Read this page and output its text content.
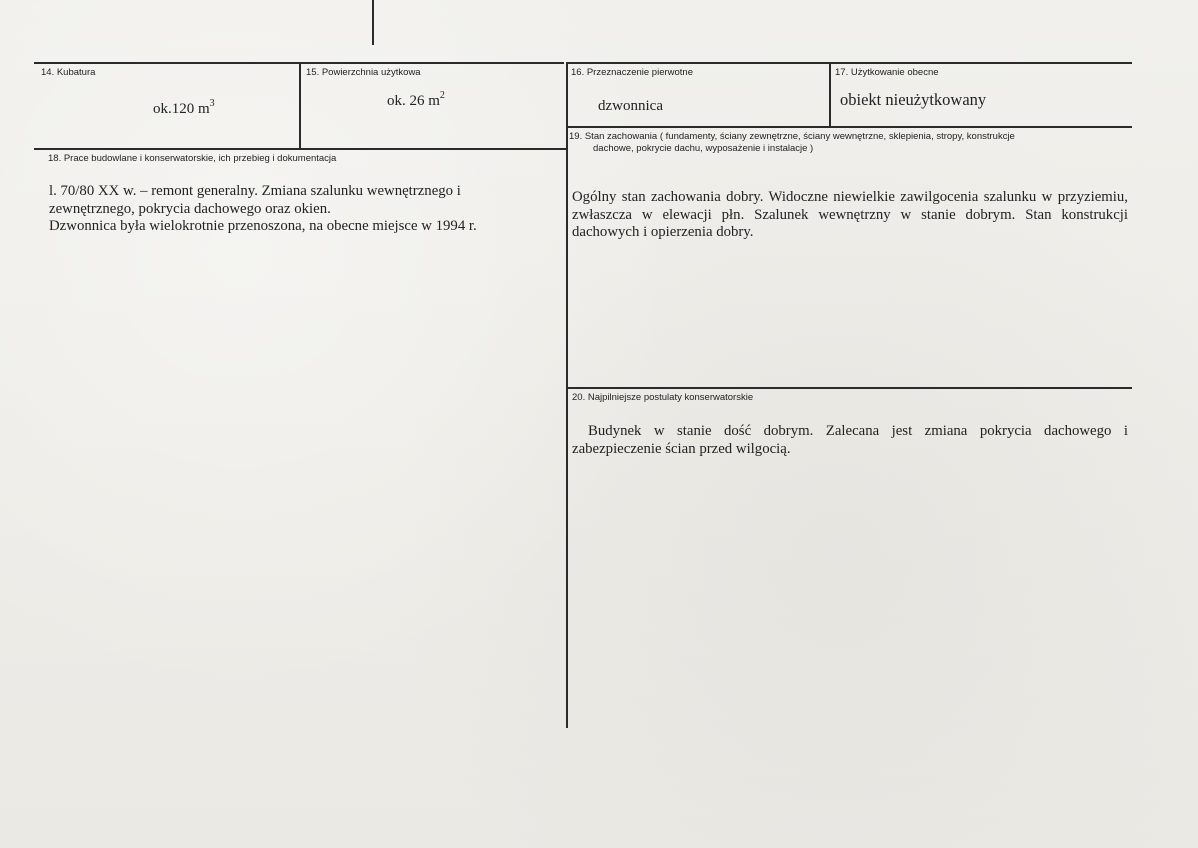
14. Kubatura
ok.120 $m^3$
15. Powierzchnia użytkowa
ok. 26 $m^2$
16. Przeznaczenie pierwotne
dzwonnica
17. Użytkowanie obecne
obiekt nieużytkowany
18. Prace budowlane i konserwatorskie, ich przebieg i dokumentacja

l. 70/80 XX w. – remont generalny. Zmiana szalunku wewnętrznego i zewnętrznego, pokrycia dachowego oraz okien.

Dzwonnica była wielokrotnie przenoszona, na obecne miejsce w 1994 r.

19. Stan zachowania ( fundamenty, ściany zewnętrzne, ściany wewnętrzne, sklepienia, stropy, konstrukcje
dachowe, pokrycie dachu, wyposażenie i instalacje )
Ogólny stan zachowania dobry. Widoczne niewielkie zawilgocenia szalunku w przyziemiu, zwłaszcza w elewacji płn. Szalunek wewnętrzny w stanie dobrym. Stan konstrukcji dachowych i opierzenia dobry.
20. Najpilniejsze postulaty konserwatorskie
Budynek w stanie dość dobrym. Zalecana jest zmiana pokrycia dachowego i zabezpieczenie ścian przed wilgocią.
